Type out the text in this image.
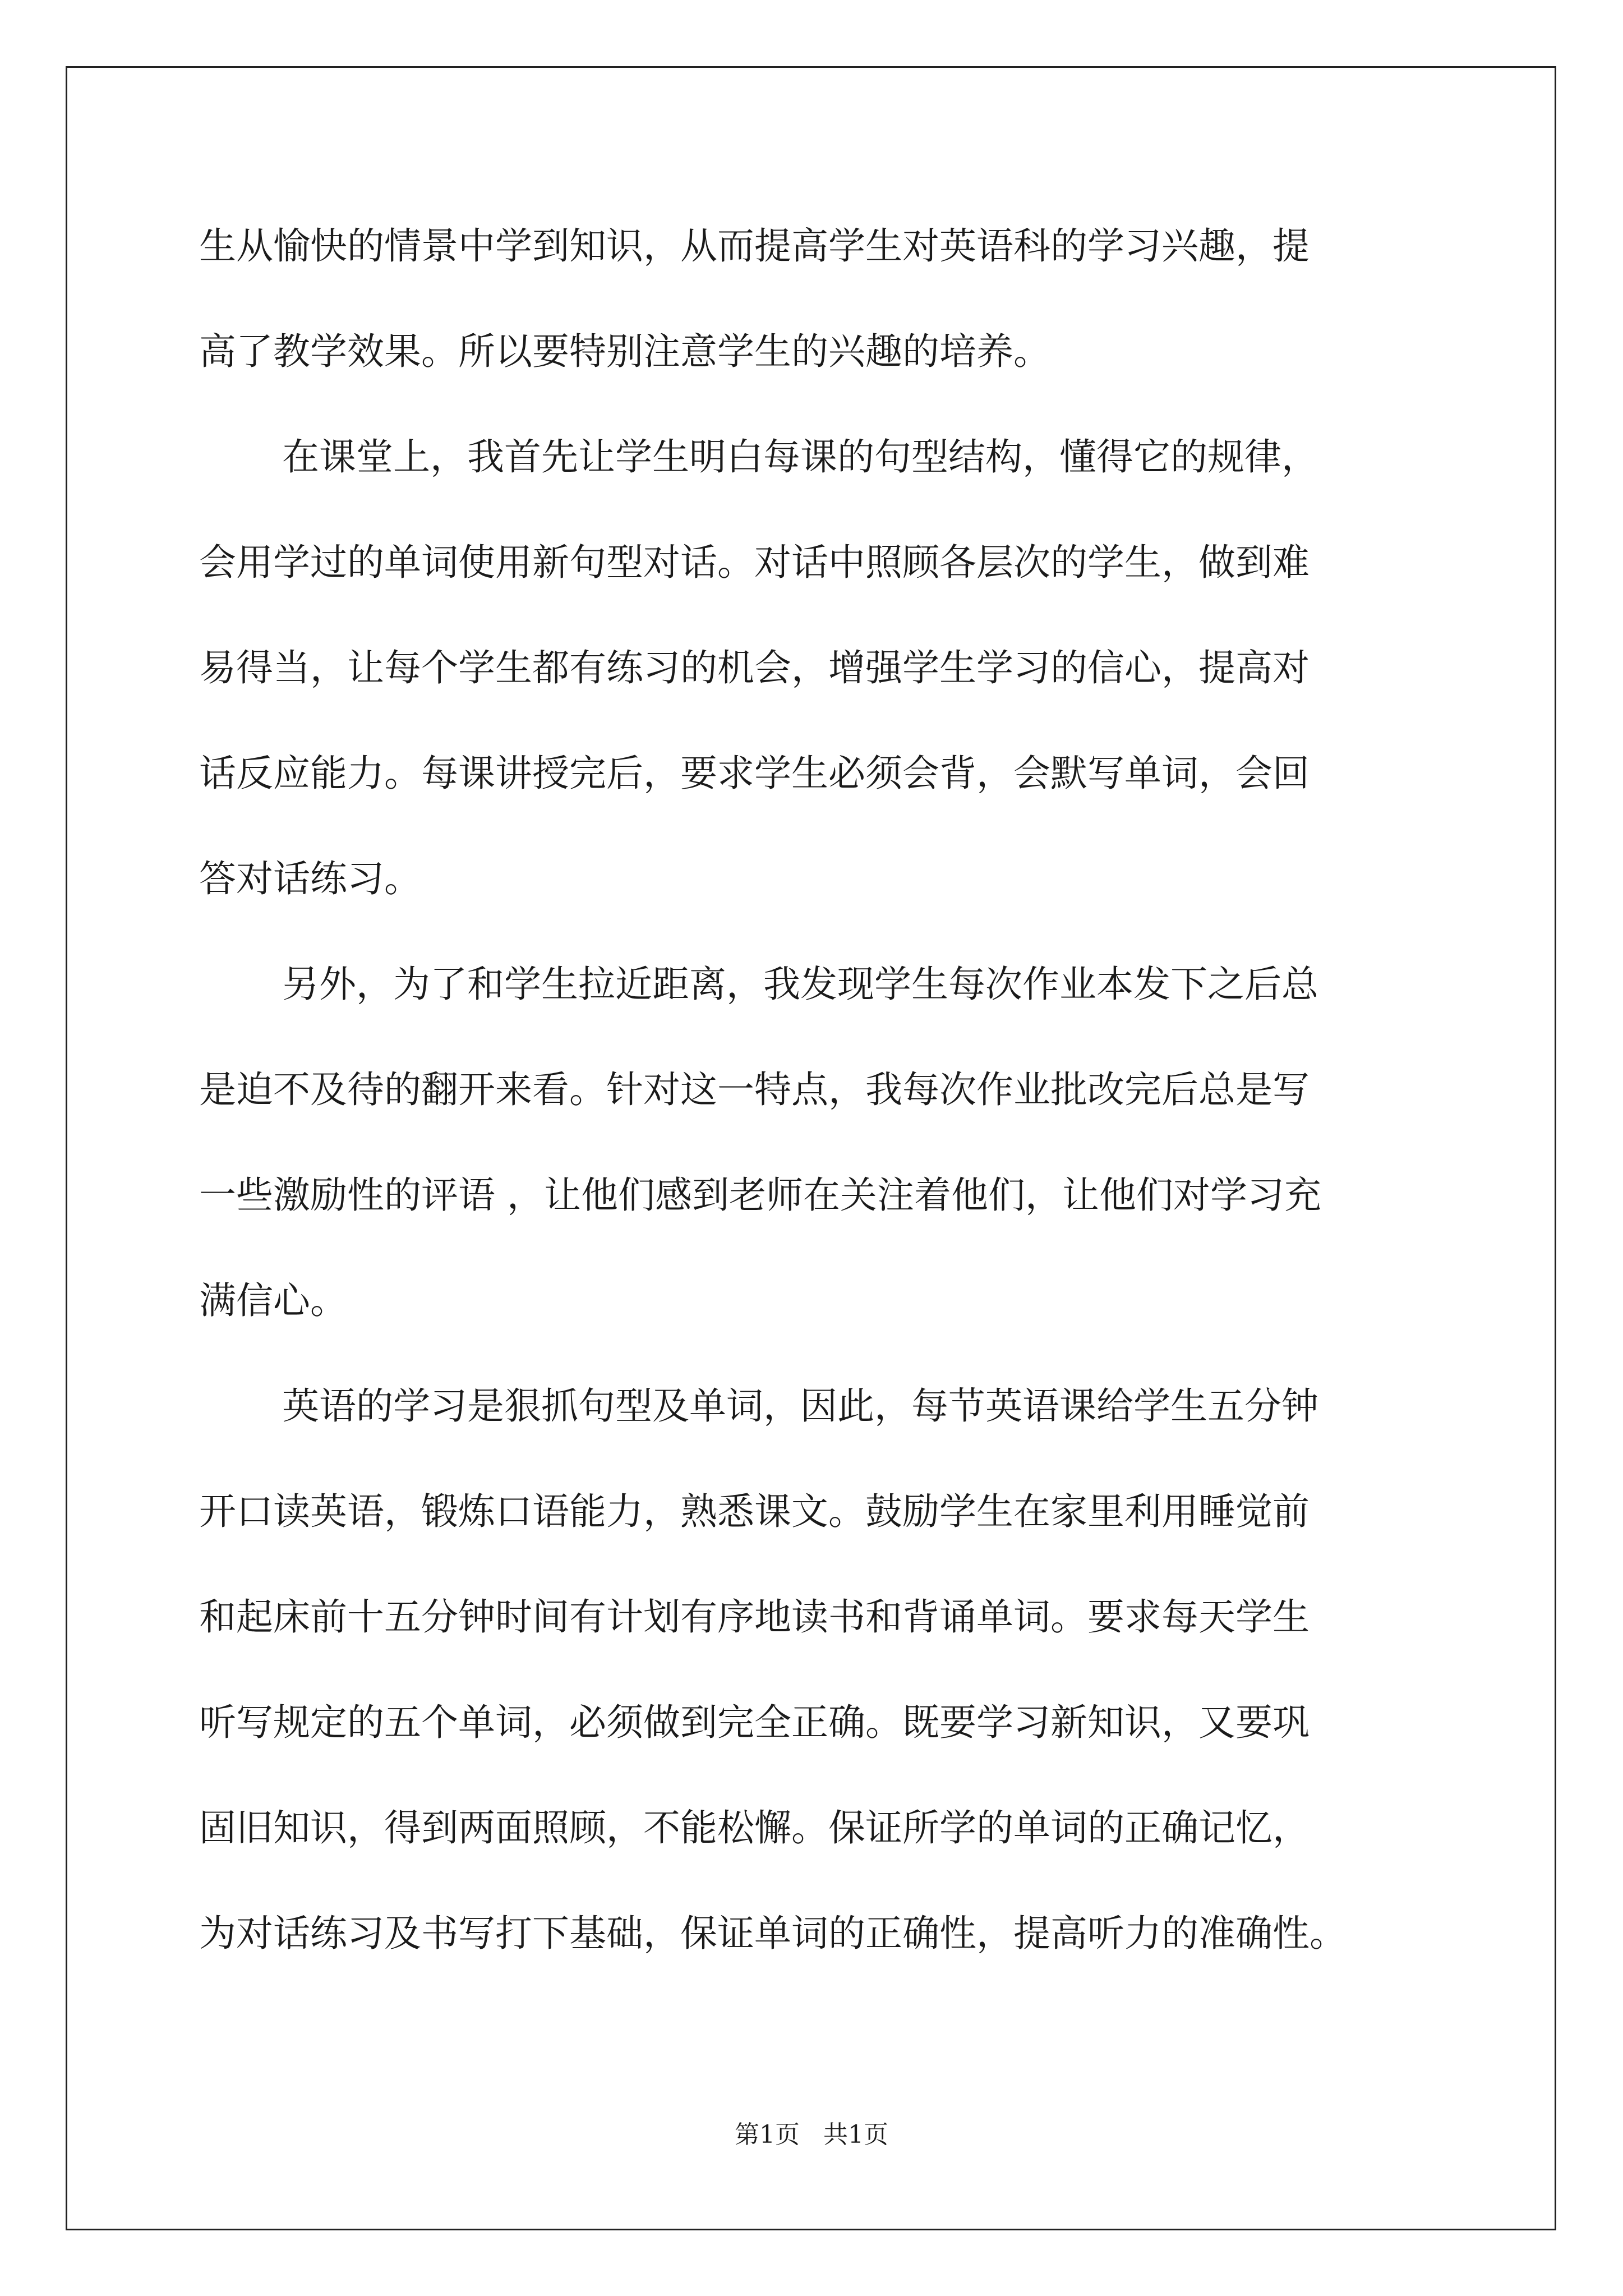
生从愉快的情景中学到知识，从而提高学生对英语科的学习兴趣，提
高了教学效果。所以要特别注意学生的兴趣的培养。
在课堂上，我首先让学生明白每课的句型结构，懂得它的规律，
会用学过的单词使用新句型对话。对话中照顾各层次的学生，做到难
易得当，让每个学生都有练习的机会，增强学生学习的信心，提高对
话反应能力。每课讲授完后，要求学生必须会背，会默写单词，会回
答对话练习。
另外，为了和学生拉近距离，我发现学生每次作业本发下之后总
是迫不及待的翻开来看。针对这一特点，我每次作业批改完后总是写
一些激励性的评语 ，让他们感到老师在关注着他们，让他们对学习充
满信心。
英语的学习是狠抓句型及单词，因此，每节英语课给学生五分钟
开口读英语，锻炼口语能力，熟悉课文。鼓励学生在家里利用睡觉前
和起床前十五分钟时间有计划有序地读书和背诵单词。要求每天学生
听写规定的五个单词，必须做到完全正确。既要学习新知识，又要巩
固旧知识，得到两面照顾，不能松懈。保证所学的单词的正确记忆，
为对话练习及书写打下基础，保证单词的正确性，提高听力的准确性。
第1页   共1页
